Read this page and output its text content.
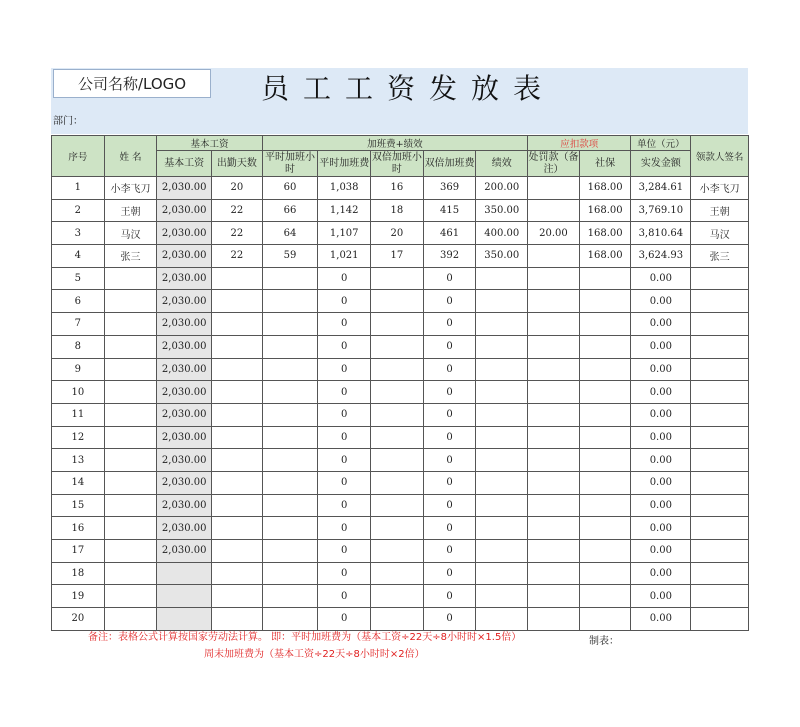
公司名称/LOGO	员工工资发放表
部门：
序号	姓 名	基本工资		加班费+绩效					应扣款项		单位（元）	领款人签名
		基本工资	出勤天数	平时加班小时	平时加班费	双倍加班小时	双倍加班费	绩效	处罚款（备注）	社保	实发金额	
1	小李飞刀	2,030.00	20	60	1,038	16	369	200.00		168.00	3,284.61	小李飞刀
2	王朝	2,030.00	22	66	1,142	18	415	350.00		168.00	3,769.10	王朝
3	马汉	2,030.00	22	64	1,107	20	461	400.00	20.00	168.00	3,810.64	马汉
4	张三	2,030.00	22	59	1,021	17	392	350.00		168.00	3,624.93	张三
5		2,030.00			0		0				0.00	
6		2,030.00			0		0				0.00	
7		2,030.00			0		0				0.00	
8		2,030.00			0		0				0.00	
9		2,030.00			0		0				0.00	
10		2,030.00			0		0				0.00	
11		2,030.00			0		0				0.00	
12		2,030.00			0		0				0.00	
13		2,030.00			0		0				0.00	
14		2,030.00			0		0				0.00	
15		2,030.00			0		0				0.00	
16		2,030.00			0		0				0.00	
17		2,030.00			0		0				0.00	
18					0		0				0.00	
19					0		0				0.00	
20					0		0				0.00	
备注：表格公式计算按国家劳动法计算。 即：平时加班费为（基本工资÷22天÷8小时时×1.5倍）
周末加班费为（基本工资÷22天÷8小时时×2倍）
制表：
